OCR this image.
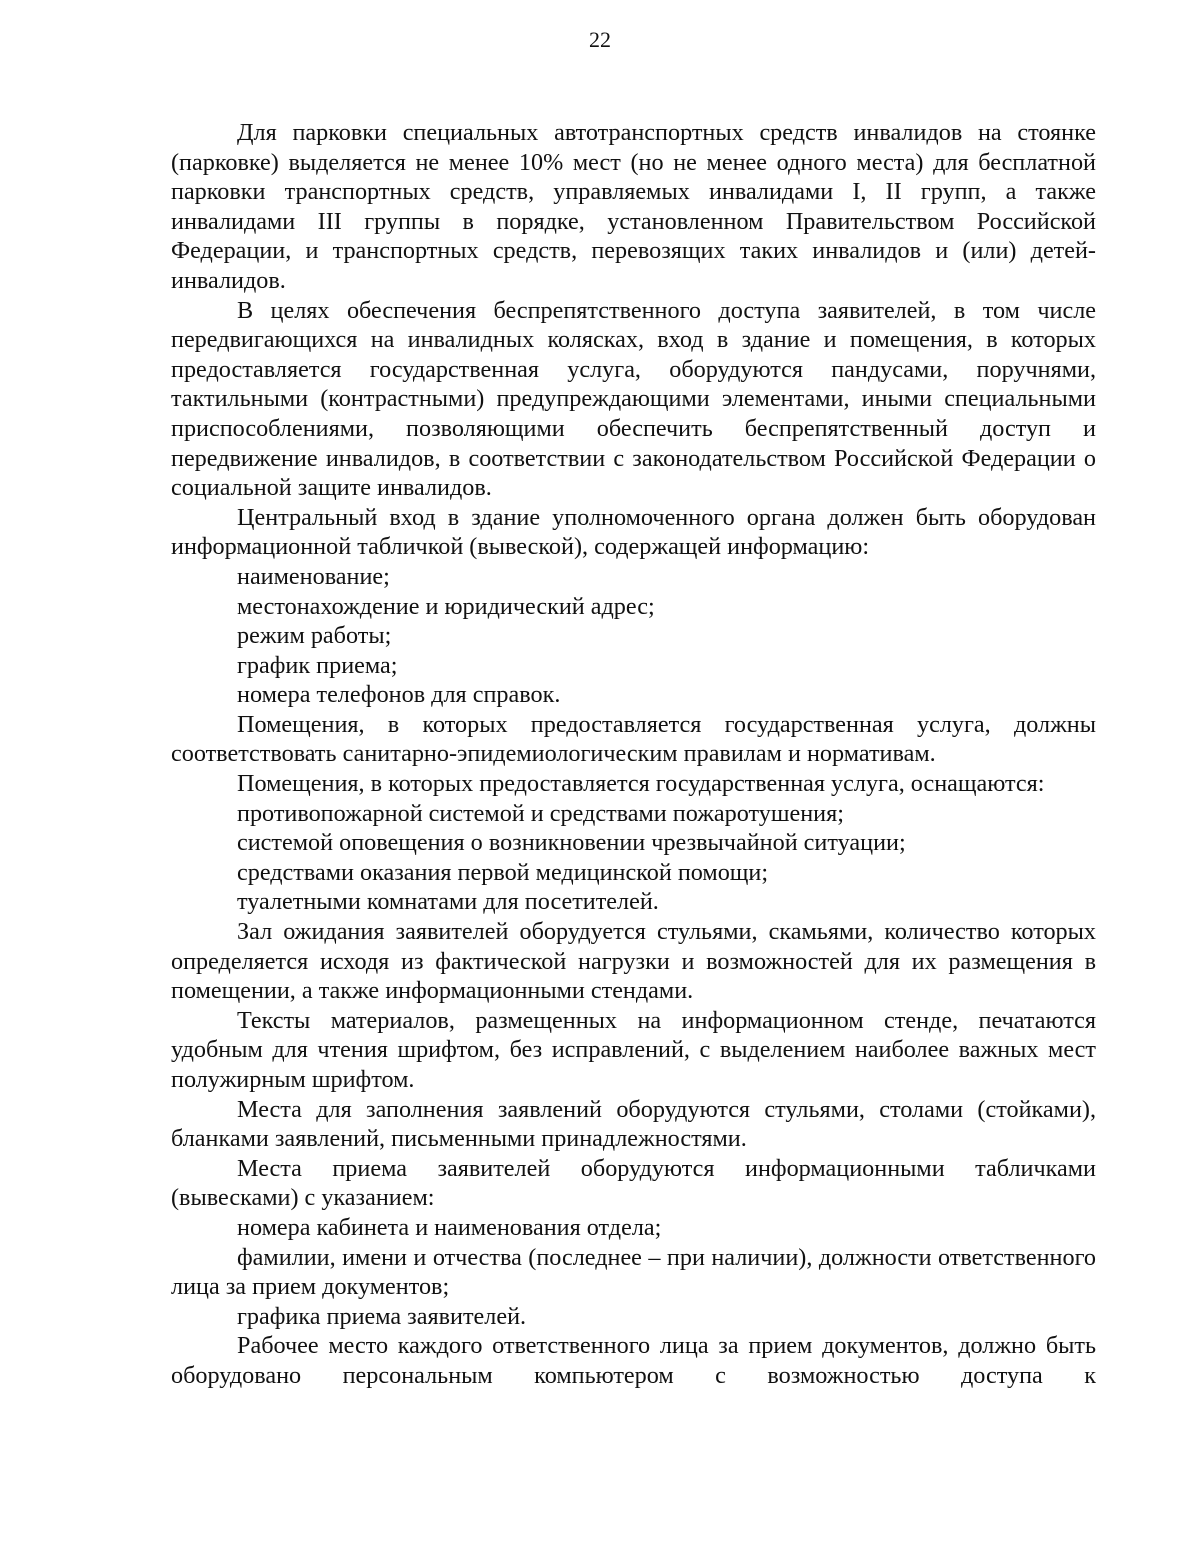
22

Для парковки специальных автотранспортных средств инвалидов на стоянке (парковке) выделяется не менее 10% мест (но не менее одного места) для бесплатной парковки транспортных средств, управляемых инвалидами I, II групп, а также инвалидами III группы в порядке, установленном Правительством Российской Федерации, и транспортных средств, перевозящих таких инвалидов и (или) детей-инвалидов.

В целях обеспечения беспрепятственного доступа заявителей, в том числе передвигающихся на инвалидных колясках, вход в здание и помещения, в которых предоставляется государственная услуга, оборудуются пандусами, поручнями, тактильными (контрастными) предупреждающими элементами, иными специальными приспособлениями, позволяющими обеспечить беспрепятственный доступ и передвижение инвалидов, в соответствии с законодательством Российской Федерации о социальной защите инвалидов.

Центральный вход в здание уполномоченного органа должен быть оборудован информационной табличкой (вывеской), содержащей информацию:

наименование;

местонахождение и юридический адрес;

режим работы;

график приема;

номера телефонов для справок.

Помещения, в которых предоставляется государственная услуга, должны соответствовать санитарно-эпидемиологическим правилам и нормативам.

Помещения, в которых предоставляется государственная услуга, оснащаются:

противопожарной системой и средствами пожаротушения;

системой оповещения о возникновении чрезвычайной ситуации;

средствами оказания первой медицинской помощи;

туалетными комнатами для посетителей.

Зал ожидания заявителей оборудуется стульями, скамьями, количество которых определяется исходя из фактической нагрузки и возможностей для их размещения в помещении, а также информационными стендами.

Тексты материалов, размещенных на информационном стенде, печатаются удобным для чтения шрифтом, без исправлений, с выделением наиболее важных мест полужирным шрифтом.

Места для заполнения заявлений оборудуются стульями, столами (стойками), бланками заявлений, письменными принадлежностями.

Места приема заявителей оборудуются информационными табличками (вывесками) с указанием:

номера кабинета и наименования отдела;

фамилии, имени и отчества (последнее – при наличии), должности ответственного лица за прием документов;

графика приема заявителей.

Рабочее место каждого ответственного лица за прием документов, должно быть оборудовано персональным компьютером с возможностью доступа к
